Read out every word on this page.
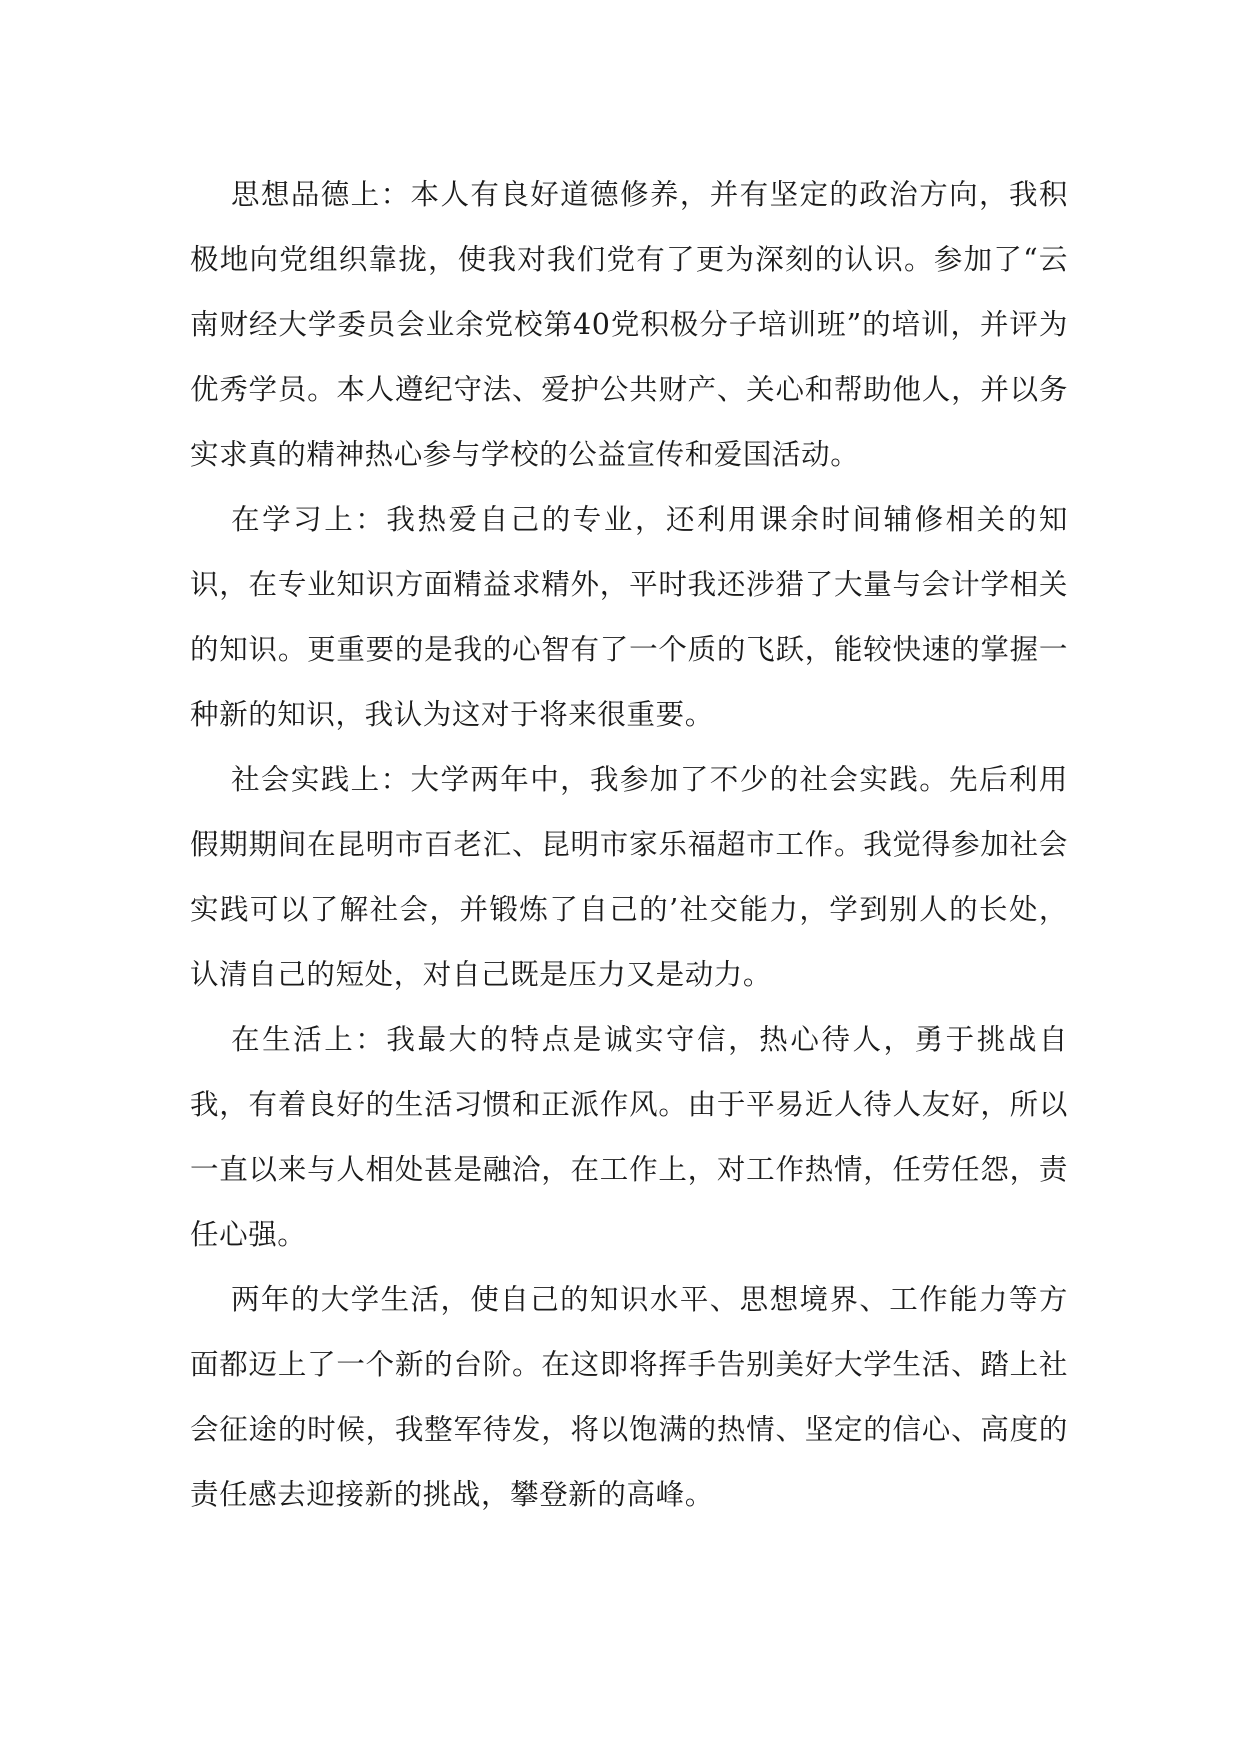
思想品德上：本人有良好道德修养，并有坚定的政治方向，我积极地向党组织靠拢，使我对我们党有了更为深刻的认识。参加了“云南财经大学委员会业余党校第40党积极分子培训班”的培训，并评为优秀学员。本人遵纪守法、爱护公共财产、关心和帮助他人，并以务实求真的精神热心参与学校的公益宣传和爱国活动。

在学习上：我热爱自己的专业，还利用课余时间辅修相关的知识，在专业知识方面精益求精外，平时我还涉猎了大量与会计学相关的知识。更重要的是我的心智有了一个质的飞跃，能较快速的掌握一种新的知识，我认为这对于将来很重要。

社会实践上：大学两年中，我参加了不少的社会实践。先后利用假期期间在昆明市百老汇、昆明市家乐福超市工作。我觉得参加社会实践可以了解社会，并锻炼了自己的’社交能力，学到别人的长处，认清自己的短处，对自己既是压力又是动力。

在生活上：我最大的特点是诚实守信，热心待人，勇于挑战自我，有着良好的生活习惯和正派作风。由于平易近人待人友好，所以一直以来与人相处甚是融洽，在工作上，对工作热情，任劳任怨，责任心强。

两年的大学生活，使自己的知识水平、思想境界、工作能力等方面都迈上了一个新的台阶。在这即将挥手告别美好大学生活、踏上社会征途的时候，我整军待发，将以饱满的热情、坚定的信心、高度的责任感去迎接新的挑战，攀登新的高峰。
